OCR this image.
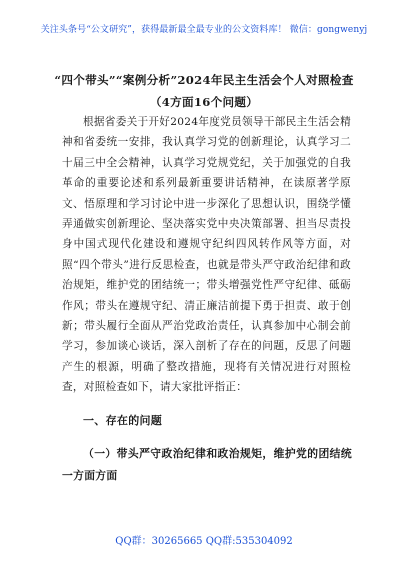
关注头条号“公文研究”，获得最新最全最专业的公文资料库！ 微信：gongwenyj
“四个带头”“案例分析”2024年民主生活会个人对照检查（4方面16个问题）
根据省委关于开好2024年度党员领导干部民主生活会精神和省委统一安排，我认真学习党的创新理论，认真学习二十届三中全会精神，认真学习党规党纪，关于加强党的自我革命的重要论述和系列最新重要讲话精神，在读原著学原文、悟原理和学习讨论中进一步深化了思想认识，围绕学懂弄通做实创新理论、坚决落实党中央决策部署、担当尽责投身中国式现代化建设和遵规守纪纠四风转作风等方面，对照“四个带头”进行反思检查，也就是带头严守政治纪律和政治规矩，维护党的团结统一；带头增强党性严守纪律、砥砺作风；带头在遵规守纪、清正廉洁前提下勇于担责、敢于创新；带头履行全面从严治党政治责任，认真参加中心制会前学习，参加谈心谈话，深入剖析了存在的问题，反思了问题产生的根源，明确了整改措施，现将有关情况进行对照检查，对照检查如下，请大家批评指正：
一、存在的问题
（一）带头严守政治纪律和政治规矩，维护党的团结统一方面方面
QQ群：30265665 QQ群:535304092
